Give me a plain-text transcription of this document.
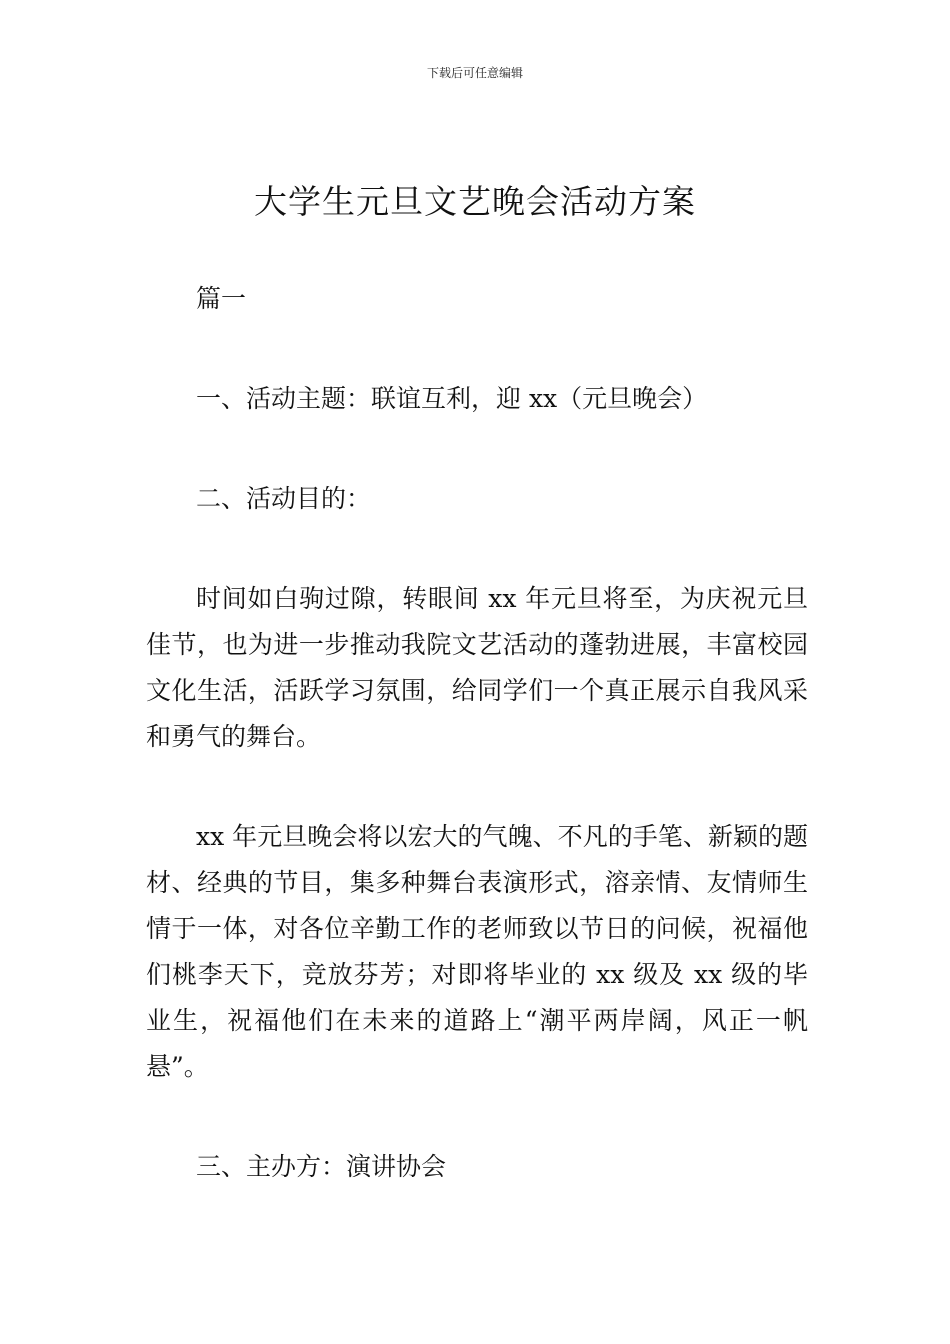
下载后可任意编辑
大学生元旦文艺晚会活动方案

篇一

一、活动主题：联谊互利，迎 xx（元旦晚会）

二、活动目的：

时间如白驹过隙，转眼间 xx 年元旦将至，为庆祝元旦佳节，也为进一步推动我院文艺活动的蓬勃进展，丰富校园文化生活，活跃学习氛围，给同学们一个真正展示自我风采和勇气的舞台。

xx 年元旦晚会将以宏大的气魄、不凡的手笔、新颖的题材、经典的节目，集多种舞台表演形式，溶亲情、友情师生情于一体，对各位辛勤工作的老师致以节日的问候，祝福他们桃李天下，竞放芬芳；对即将毕业的 xx 级及 xx 级的毕业生，祝福他们在未来的道路上“潮平两岸阔，风正一帆悬”。

三、主办方：演讲协会
